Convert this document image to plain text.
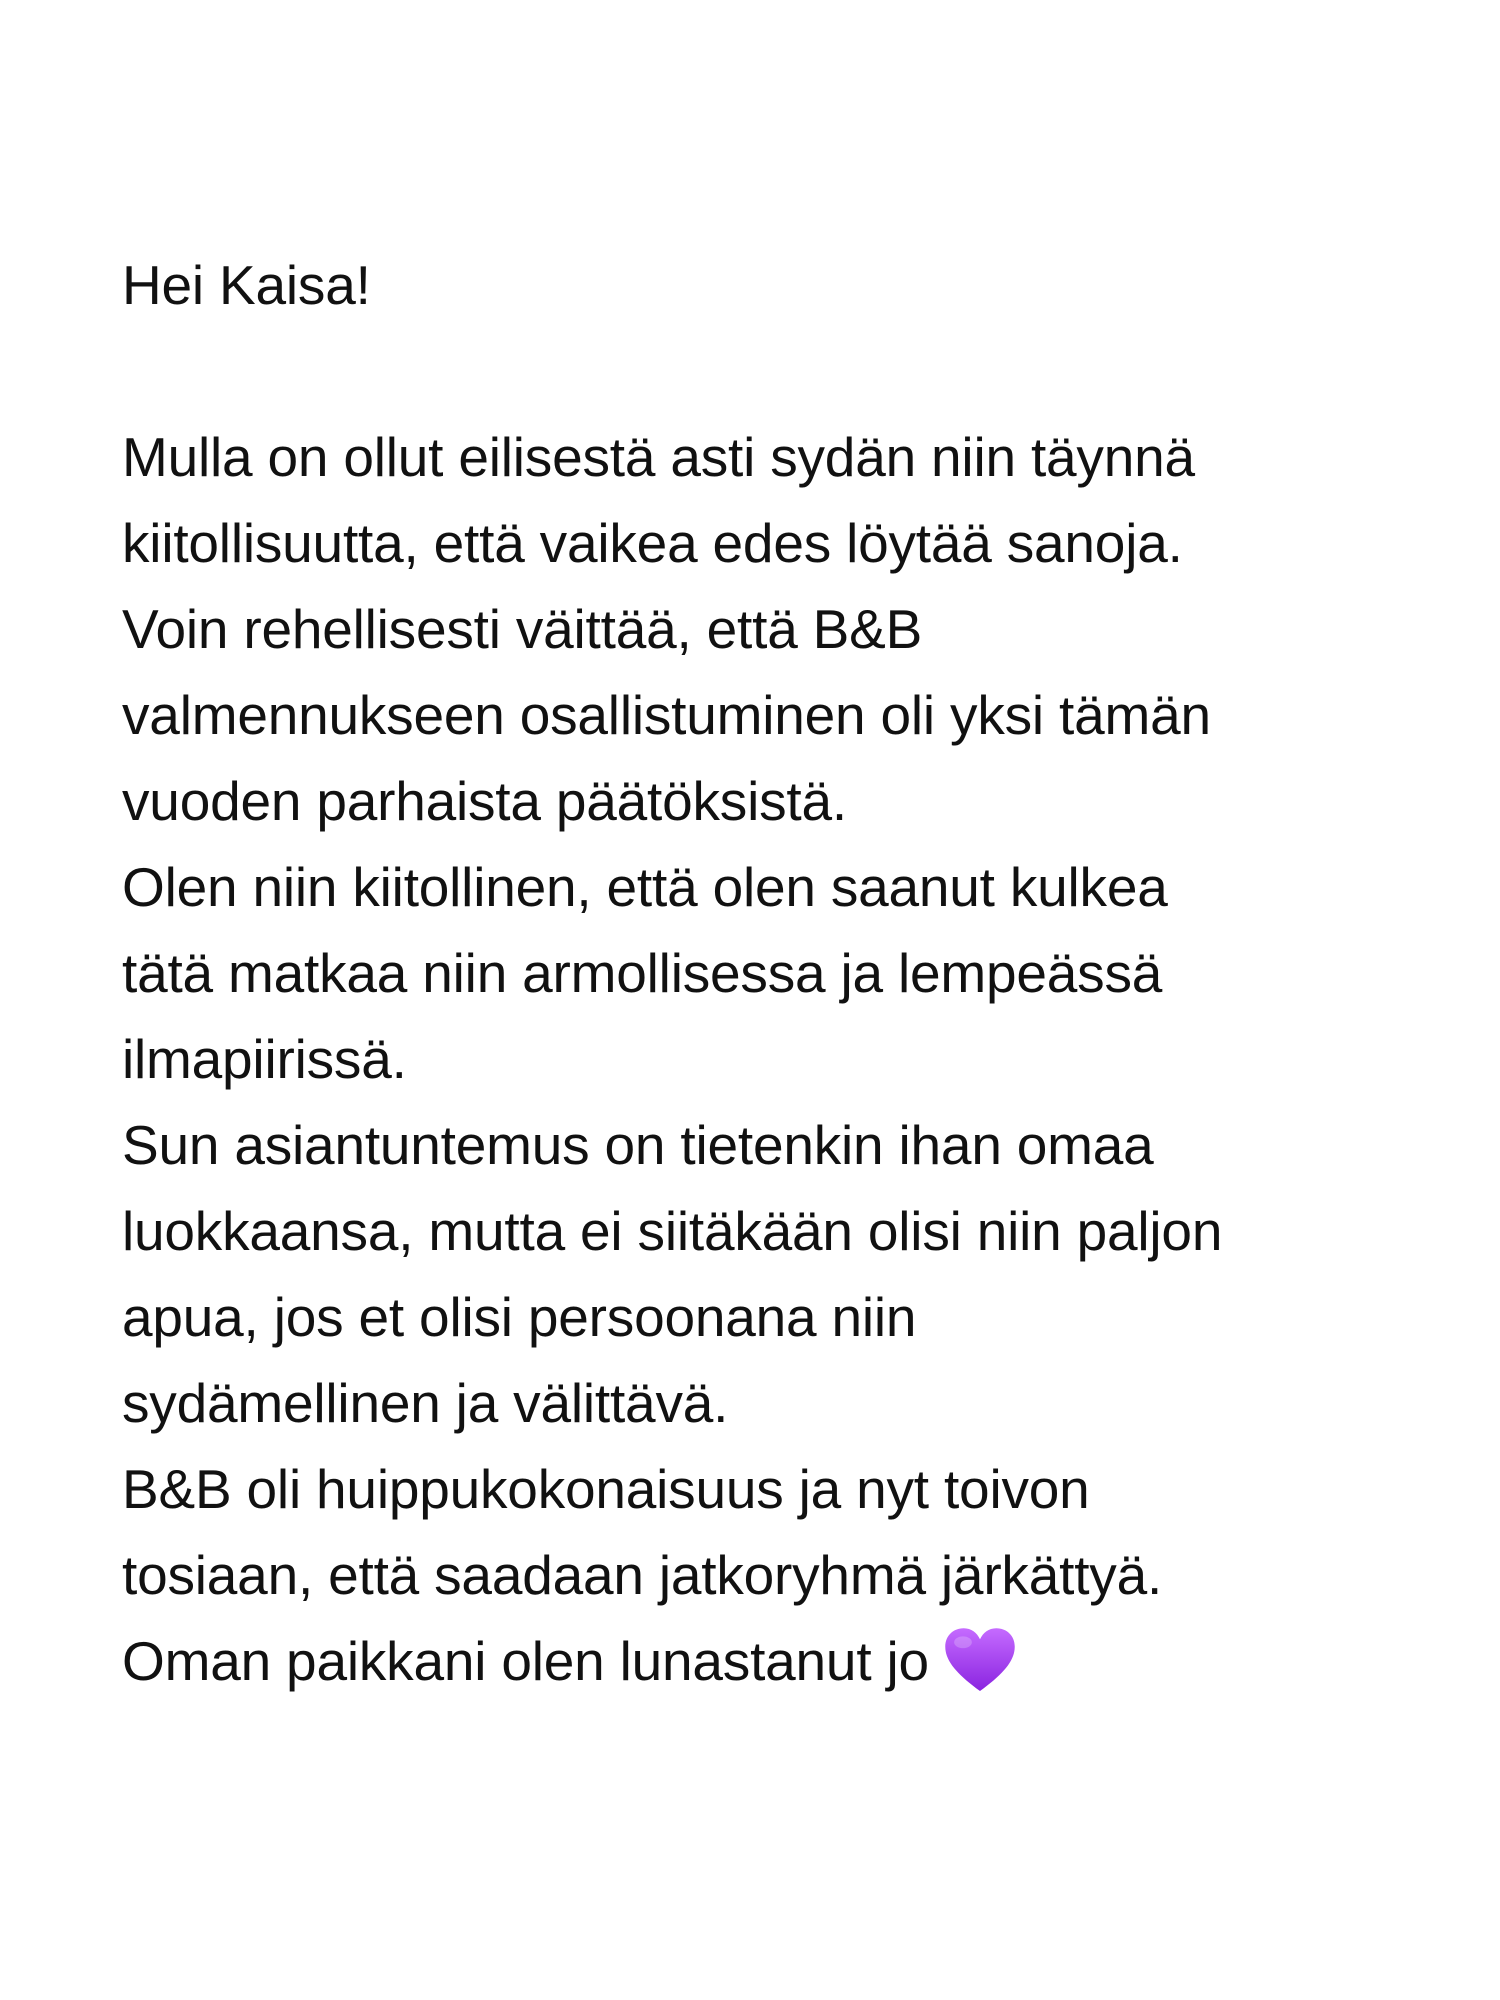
Hei Kaisa!
Mulla on ollut eilisestä asti sydän niin täynnä
kiitollisuutta, että vaikea edes löytää sanoja.
Voin rehellisesti väittää, että B&B
valmennukseen osallistuminen oli yksi tämän
vuoden parhaista päätöksistä.
Olen niin kiitollinen, että olen saanut kulkea
tätä matkaa niin armollisessa ja lempeässä
ilmapiirissä.
Sun asiantuntemus on tietenkin ihan omaa
luokkaansa, mutta ei siitäkään olisi niin paljon
apua, jos et olisi persoonana niin
sydämellinen ja välittävä.
B&B oli huippukokonaisuus ja nyt toivon
tosiaan, että saadaan jatkoryhmä järkättyä.
Oman paikkani olen lunastanut jo
